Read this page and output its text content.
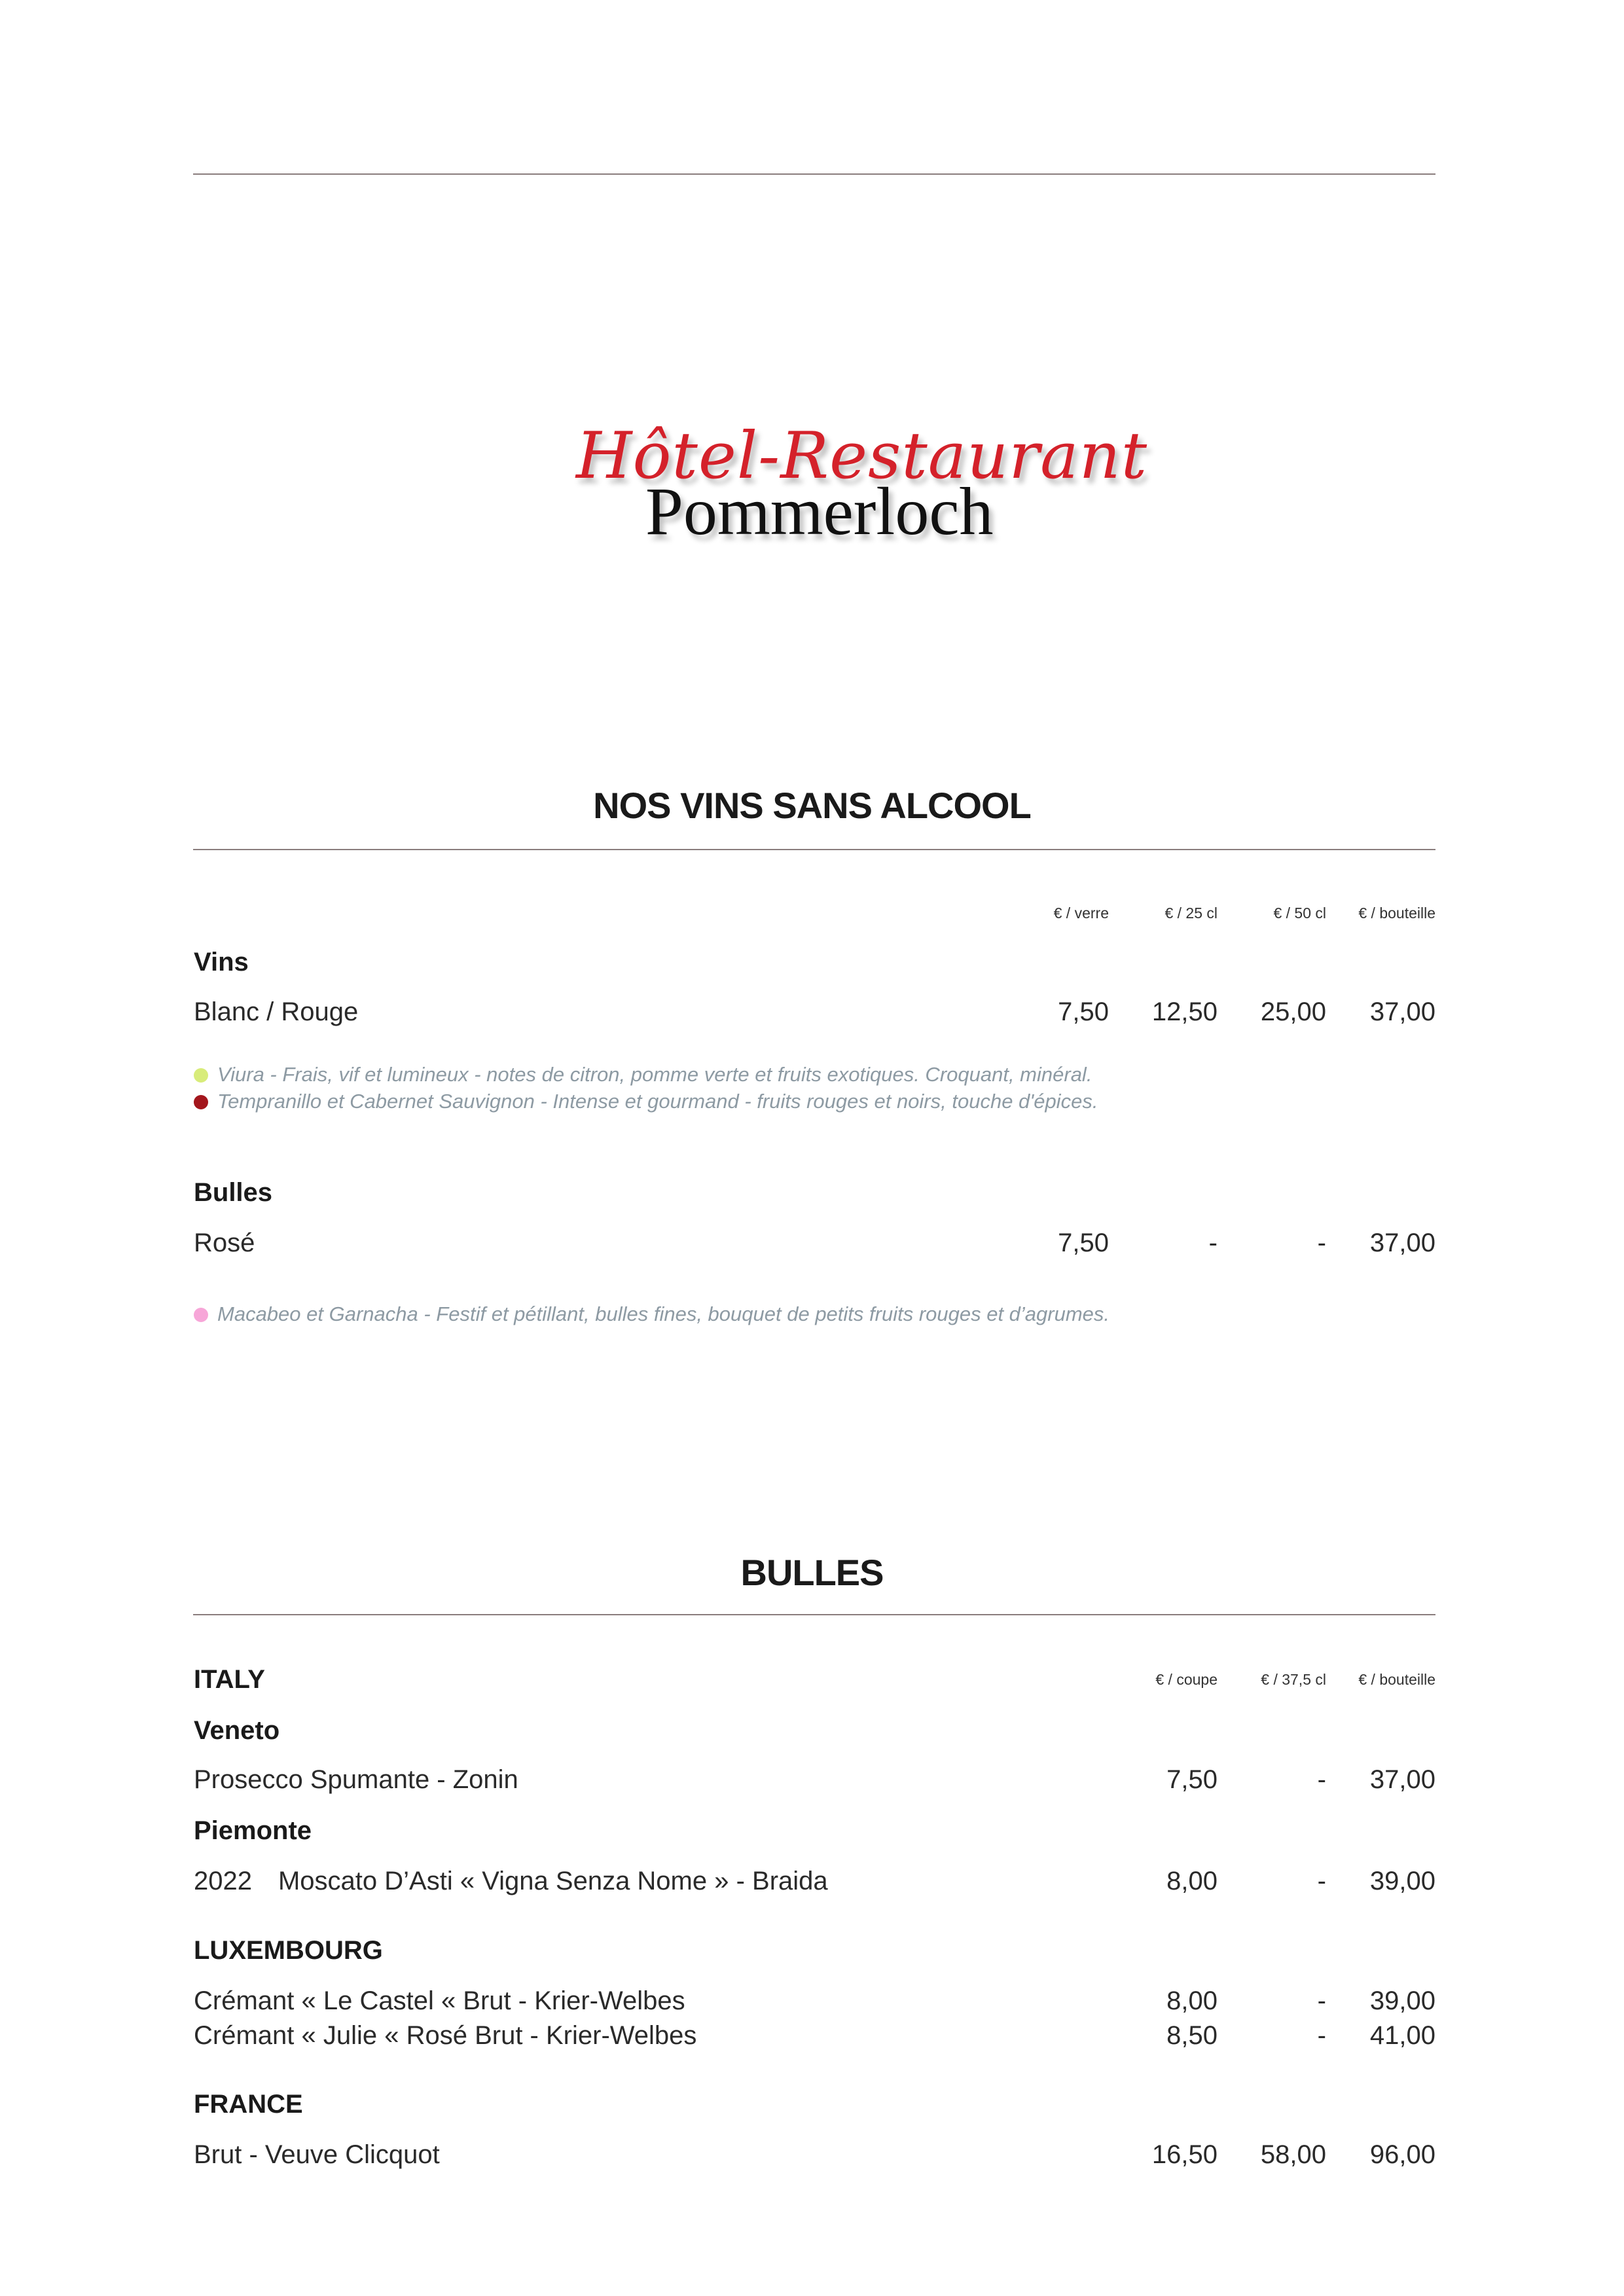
Hôtel-Restaurant
Pommerloch
NOS VINS SANS ALCOOL
€ / verre	€ / 25 cl	€ / 50 cl	€ / bouteille
Vins
Blanc / Rouge	7,50	12,50	25,00	37,00
Viura - Frais, vif et lumineux - notes de citron, pomme verte et fruits exotiques. Croquant, minéral.
Tempranillo et Cabernet Sauvignon - Intense et gourmand - fruits rouges et noirs, touche d'épices.
Bulles
Rosé	7,50	-	-	37,00
Macabeo et Garnacha - Festif et pétillant, bulles fines, bouquet de petits fruits rouges et d’agrumes.
BULLES
ITALY	€ / coupe	€ / 37,5 cl	€ / bouteille
Veneto
Prosecco Spumante - Zonin	7,50	-	37,00
Piemonte
2022 Moscato D’Asti « Vigna Senza Nome » - Braida	8,00	-	39,00
LUXEMBOURG
Crémant « Le Castel « Brut - Krier-Welbes	8,00	-	39,00
Crémant « Julie « Rosé Brut - Krier-Welbes	8,50	-	41,00
FRANCE
Brut - Veuve Clicquot	16,50	58,00	96,00
